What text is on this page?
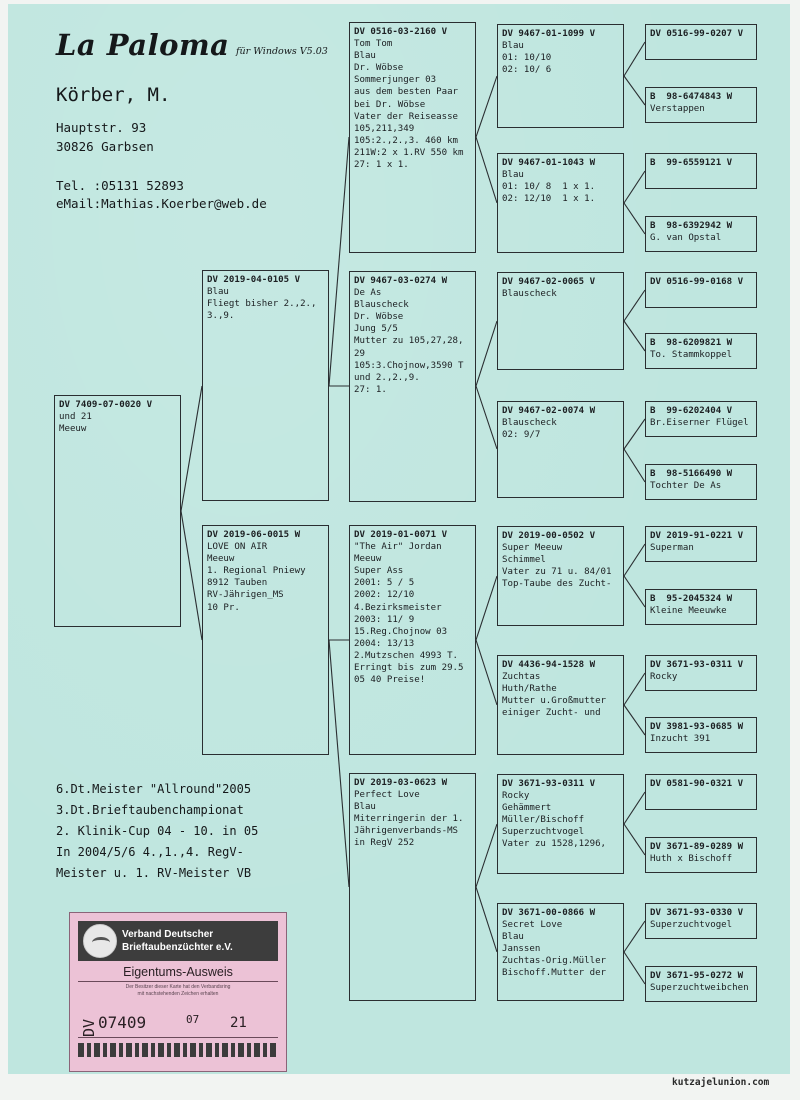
La Paloma für Windows V5.03
Körber, M.
Hauptstr. 93
30826 Garbsen
Tel. :05131 52893
eMail:Mathias.Koerber@web.de
DV 7409-07-0020 V
und 21
Meeuw
DV 2019-04-0105 V
Blau
Fliegt bisher 2.,2.,
3.,9.
DV 2019-06-0015 W
LOVE ON AIR
Meeuw
1. Regional Pniewy
8912 Tauben
RV-Jährigen_MS
10 Pr.
DV 0516-03-2160 V
Tom Tom
Blau
Dr. Wöbse
Sommerjunger 03
aus dem besten Paar
bei Dr. Wöbse
Vater der Reiseasse
105,211,349
105:2.,2.,3. 460 km
211W:2 x 1.RV 550 km
27: 1 x 1.
DV 9467-03-0274 W
De As
Blauscheck
Dr. Wöbse
Jung 5/5
Mutter zu 105,27,28,
29
105:3.Chojnow,3590 T
und 2.,2.,9.
27: 1.
DV 2019-01-0071 V
"The Air" Jordan
Meeuw
Super Ass
2001: 5 / 5
2002: 12/10
4.Bezirksmeister
2003: 11/ 9
15.Reg.Chojnow 03
2004: 13/13
2.Mutzschen 4993 T.
Erringt bis zum 29.5
05 40 Preise!
DV 2019-03-0623 W
Perfect Love
Blau
Miterringerin der 1.
Jährigenverbands-MS
in RegV 252
DV 9467-01-1099 V
Blau
01: 10/10
02: 10/ 6
DV 9467-01-1043 W
Blau
01: 10/ 8  1 x 1.
02: 12/10  1 x 1.
DV 9467-02-0065 V
Blauscheck
DV 9467-02-0074 W
Blauscheck
02: 9/7
DV 2019-00-0502 V
Super Meeuw
Schimmel
Vater zu 71 u. 84/01
Top-Taube des Zucht-
DV 4436-94-1528 W
Zuchtas
Huth/Rathe
Mutter u.Großmutter
einiger Zucht- und
DV 3671-93-0311 V
Rocky
Gehämmert
Müller/Bischoff
Superzuchtvogel
Vater zu 1528,1296,
DV 3671-00-0866 W
Secret Love
Blau
Janssen
Zuchtas-Orig.Müller
Bischoff.Mutter der
DV 0516-99-0207 V
B  98-6474843 W
Verstappen
B  99-6559121 V
B  98-6392942 W
G. van Opstal
DV 0516-99-0168 V
B  98-6209821 W
To. Stammkoppel
B  99-6202404 V
Br.Eiserner Flügel
B  98-5166490 W
Tochter De As
DV 2019-91-0221 V
Superman
B  95-2045324 W
Kleine Meeuwke
DV 3671-93-0311 V
Rocky
DV 3981-93-0685 W
Inzucht 391
DV 0581-90-0321 V
DV 3671-89-0289 W
Huth x Bischoff
DV 3671-93-0330 V
Superzuchtvogel
DV 3671-95-0272 W
Superzuchtweibchen
6.Dt.Meister "Allround"2005
3.Dt.Brieftaubenchampionat
2. Klinik-Cup 04 - 10. in 05
In 2004/5/6 4.,1.,4. RegV-
Meister u. 1. RV-Meister VB
Verband Deutscher
Brieftaubenzüchter e.V.
Eigentums-Ausweis
Der Besitzer dieser Karte hat den Verbandsring
mit nachstehenden Zeichen erhalten
DV 07409	07 21
kutzajelunion.com
